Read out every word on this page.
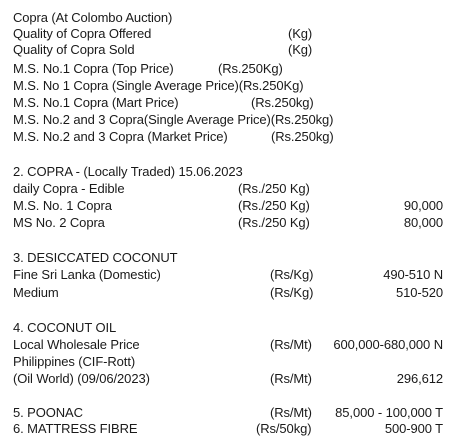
Copra (At Colombo Auction)
Quality of Copra Offered	(Kg)
Quality of Copra Sold	(Kg)
M.S. No.1 Copra (Top Price)	(Rs.250Kg)
M.S. No 1 Copra (Single Average Price)(Rs.250Kg)
M.S. No.1 Copra (Mart Price)	(Rs.250kg)
M.S. No.2 and 3 Copra(Single Average Price)(Rs.250kg)
M.S. No.2 and 3 Copra (Market Price)	(Rs.250kg)
2. COPRA - (Locally Traded) 15.06.2023
daily Copra - Edible	(Rs./250 Kg)
M.S. No. 1 Copra	(Rs./250 Kg)	90,000
MS No. 2 Copra	(Rs./250 Kg)	80,000
3. DESICCATED COCONUT
Fine Sri Lanka (Domestic)	(Rs/Kg)	490-510 N
Medium	(Rs/Kg)	510-520
4. COCONUT OIL
Local Wholesale Price	(Rs/Mt) 600,000-680,000 N
Philippines (CIF-Rott)
(Oil World) (09/06/2023)	(Rs/Mt)	296,612
5. POONAC	(Rs/Mt) 85,000 - 100,000 T
6. MATTRESS FIBRE	(Rs/50kg)	500-900 T
